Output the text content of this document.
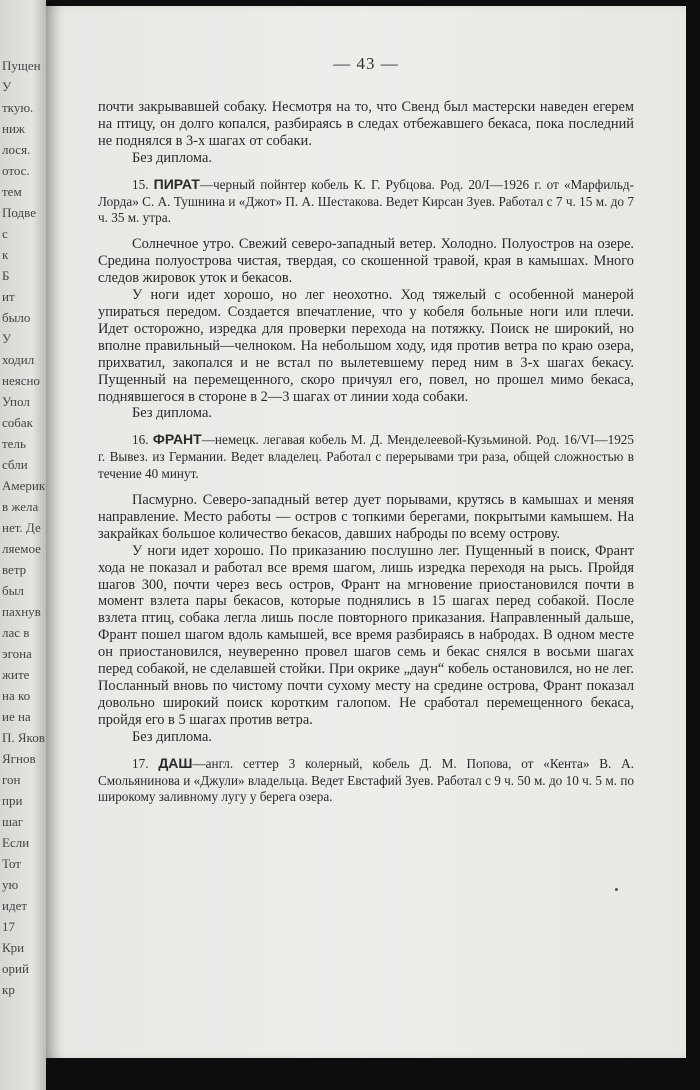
Пущен
У
ткую.
ниж
лося.
отос.
тем
Подве
с
к
Б
ит
было
У
ходил
неясно
Упол
собак
тель
сбли
Америк
в жела
нет. Де
ляемое
ветр
был
пахнув
лас в
эгона
жите
на ко
ие на
П. Яков
Ягнов
гон
при
шаг
Если
Тот
ую
идет
17
Кри
орий
кр
— 43 —

почти закрывавшей собаку. Несмотря на то, что Свенд был мастерски наведен егерем на птицу, он долго копался, разбираясь в следах отбежавшего бекаса, пока последний не поднялся в 3-х шагах от собаки.

Без диплома.

15. ПИРАТ—черный пойнтер кобель К. Г. Рубцова. Род. 20/I—1926 г. от «Марфильд-Лорда» С. А. Тушнина и «Джот» П. А. Шестакова. Ведет Кирсан Зуев. Работал с 7 ч. 15 м. до 7 ч. 35 м. утра.

Солнечное утро. Свежий северо-западный ветер. Холодно. Полуостров на озере. Средина полуострова чистая, твердая, со скошенной травой, края в камышах. Много следов жировок уток и бекасов.

У ноги идет хорошо, но лег неохотно. Ход тяжелый с особенной манерой упираться передом. Создается впечатление, что у кобеля больные ноги или плечи. Идет осторожно, изредка для проверки перехода на потяжку. Поиск не широкий, но вполне правильный—челноком. На небольшом ходу, идя против ветра по краю озера, прихватил, закопался и не встал по вылетевшему перед ним в 3-х шагах бекасу. Пущенный на перемещенного, скоро причуял его, повел, но прошел мимо бекаса, поднявшегося в стороне в 2—3 шагах от линии хода собаки.

Без диплома.

16. ФРАНТ—немецк. легавая кобель М. Д. Менделеевой-Кузьминой. Род. 16/VI—1925 г. Вывез. из Германии. Ведет владелец. Работал с перерывами три раза, общей сложностью в течение 40 минут.

Пасмурно. Северо-западный ветер дует порывами, крутясь в камышах и меняя направление. Место работы — остров с топкими берегами, покрытыми камышем. На закрайках большое количество бекасов, давших наброды по всему острову.

У ноги идет хорошо. По приказанию послушно лег. Пущенный в поиск, Франт хода не показал и работал все время шагом, лишь изредка переходя на рысь. Пройдя шагов 300, почти через весь остров, Франт на мгновение приостановился почти в момент взлета пары бекасов, которые поднялись в 15 шагах перед собакой. После взлета птиц, собака легла лишь после повторного приказания. Направленный дальше, Франт пошел шагом вдоль камышей, все время разбираясь в набродах. В одном месте он приостановился, неуверенно провел шагов семь и бекас снялся в восьми шагах перед собакой, не сделавшей стойки. При окрике „даун“ кобель остановился, но не лег. Посланный вновь по чистому почти сухому месту на средине острова, Франт показал довольно широкий поиск коротким галопом. Не сработал перемещенного бекаса, пройдя его в 5 шагах против ветра.

Без диплома.

17. ДАШ—англ. сеттер 3 колерный, кобель Д. М. Попова, от «Кента» В. А. Смольянинова и «Джули» владельца. Ведет Евстафий Зуев. Работал с 9 ч. 50 м. до 10 ч. 5 м. по широкому заливному лугу у берега озера.
